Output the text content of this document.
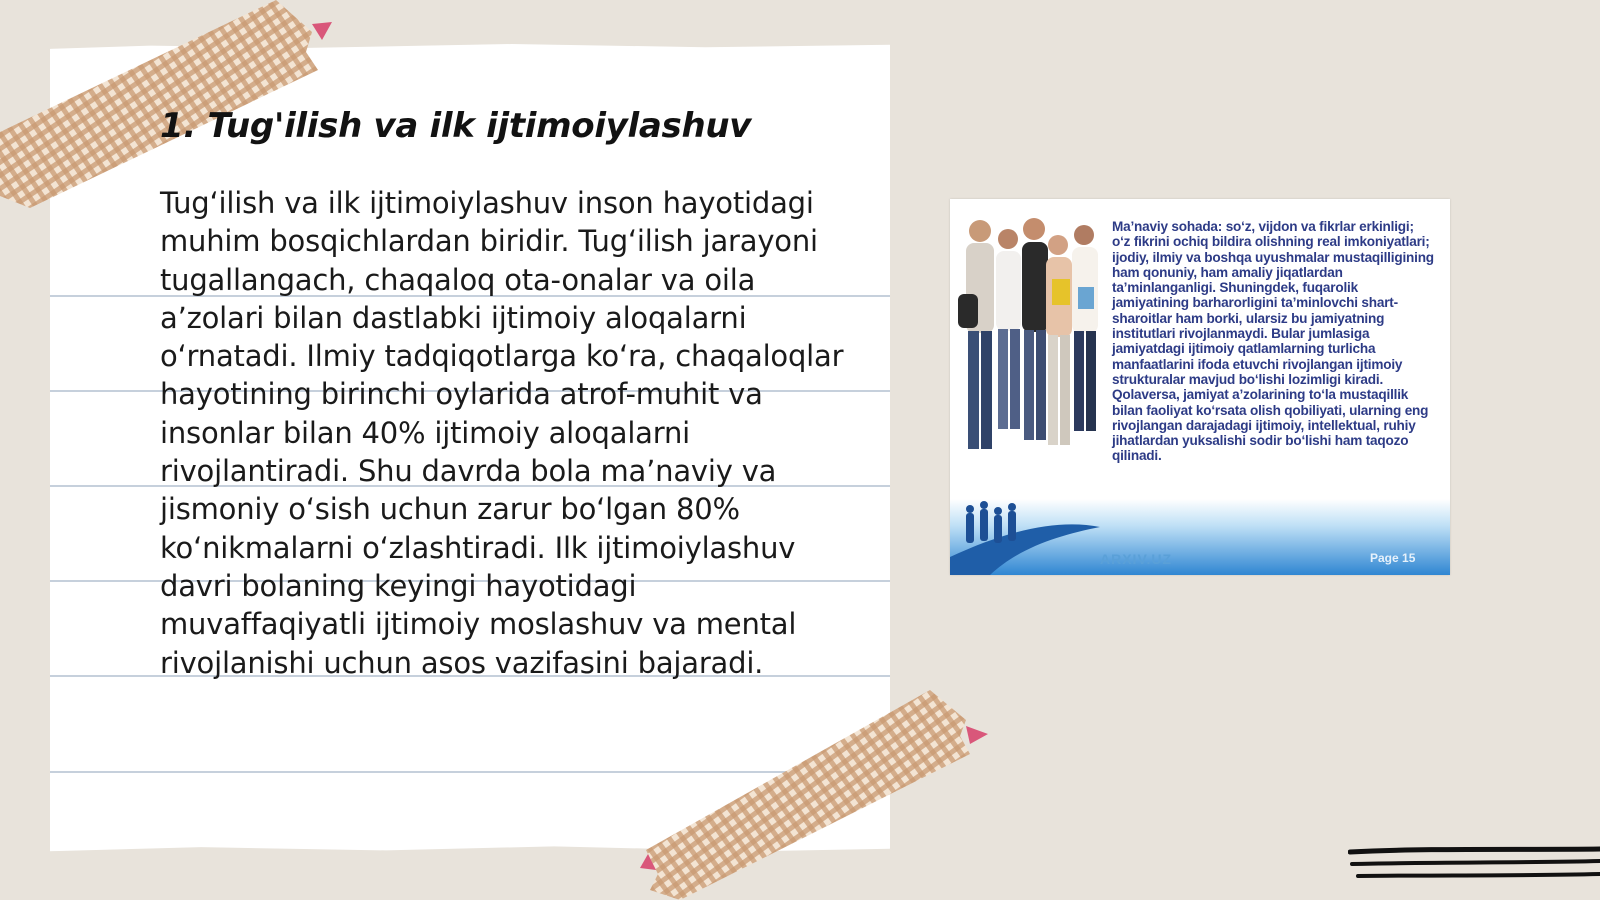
1. Tug'ilish va ilk ijtimoiylashuv

Tug‘ilish va ilk ijtimoiylashuv inson hayotidagi muhim bosqichlardan biridir. Tug‘ilish jarayoni tugallangach, chaqaloq ota-onalar va oila a’zolari bilan dastlabki ijtimoiy aloqalarni o‘rnatadi. Ilmiy tadqiqotlarga ko‘ra, chaqaloqlar hayotining birinchi oylarida atrof-muhit va insonlar bilan 40% ijtimoiy aloqalarni rivojlantiradi. Shu davrda bola ma’naviy va jismoniy o‘sish uchun zarur bo‘lgan 80% ko‘nikmalarni o‘zlashtiradi. Ilk ijtimoiylashuv davri bolaning keyingi hayotidagi muvaffaqiyatli ijtimoiy moslashuv va mental rivojlanishi uchun asos vazifasini bajaradi.

Ma’naviy sohada: so‘z, vijdon va fikrlar erkinligi; o‘z fikrini ochiq bildira olishning real imkoniyatlari; ijodiy, ilmiy va boshqa uyushmalar mustaqilligining ham qonuniy, ham amaliy jiqatlardan ta’minlanganligi. Shuningdek, fuqarolik jamiyatining barharorligini ta’minlovchi shart-sharoitlar ham borki, ularsiz bu jamiyatning institutlari rivojlanmaydi. Bular jumlasiga jamiyatdagi ijtimoiy qatlamlarning turlicha manfaatlarini ifoda etuvchi rivojlangan ijtimoiy strukturalar mavjud bo‘lishi lozimligi kiradi. Qolaversa, jamiyat a’zolarining to‘la mustaqillik bilan faoliyat ko‘rsata olish qobiliyati, ularning eng rivojlangan darajadagi ijtimoiy, intellektual, ruhiy jihatlardan yuksalishi sodir bo‘lishi ham taqozo qilinadi.

ARXIV.UZ	Page 15
